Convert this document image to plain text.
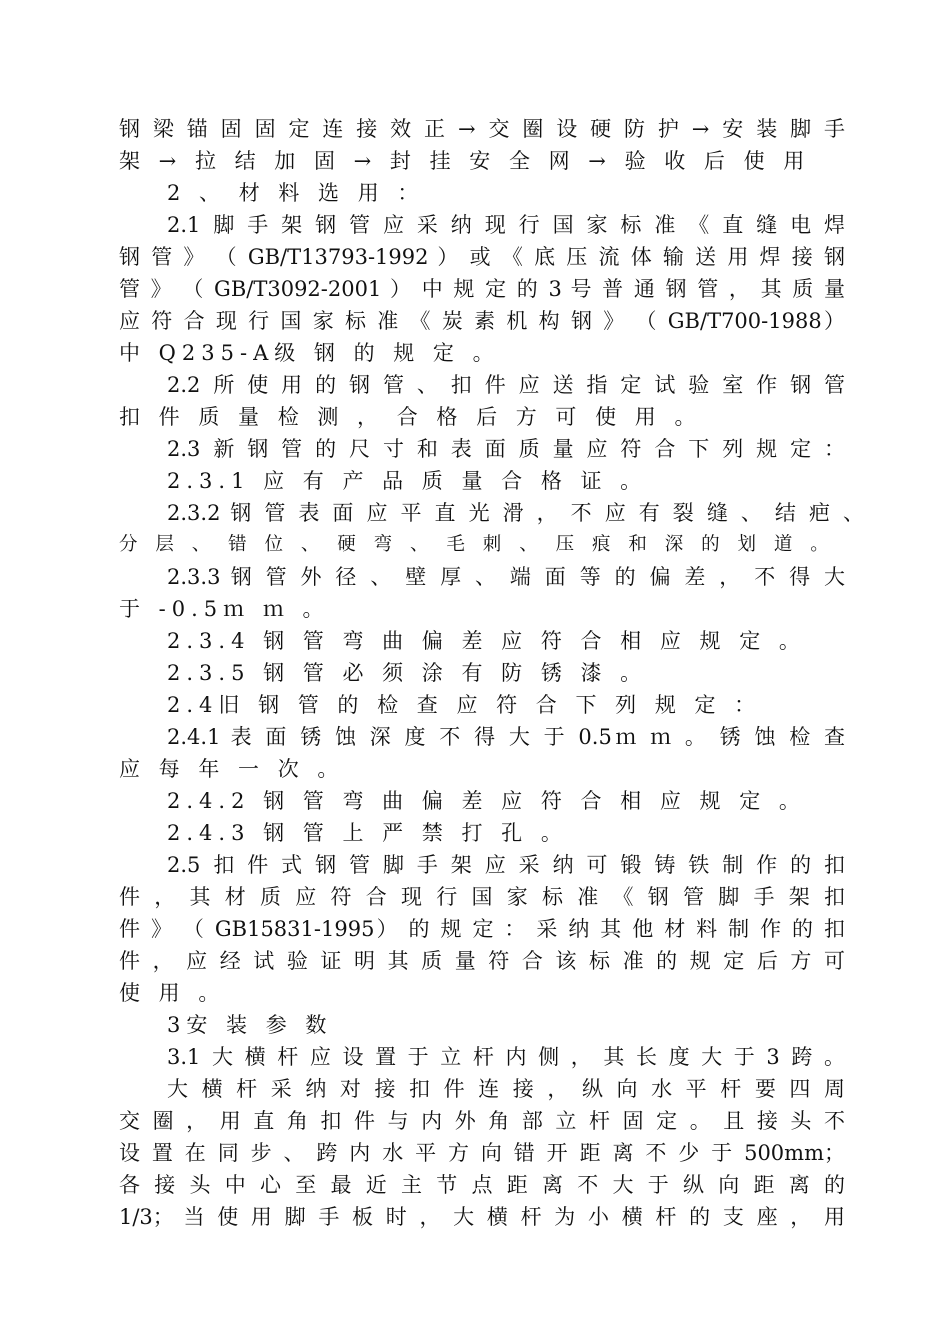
钢梁锚固固定连接效正→交圈设硬防护→安装脚手
架 → 拉 结 加 固 → 封 挂 安 全 网 → 验 收 后 使 用
2 、 材 料 选 用 ：
2.1脚手架钢管应采纳现行国家标准《直缝电焊
钢 管 》 （ GB/T13793-1992 ） 或 《 底 压 流 体 输 送 用 焊 接 钢
管 》 （ GB/T3092-2001 ） 中 规 定 的 3 号 普 通 钢 管 ， 其 质 量
应 符 合 现 行 国 家 标 准 《 炭 素 机 构 钢 》 （ GB/T700-1988）
中 Q235-A级 钢 的 规 定 。
2.2所使用的钢管、扣件应送指定试验室作钢管
扣 件 质 量 检 测 ， 合 格 后 方 可 使 用 。
2.3新钢管的尺寸和表面质量应符合下列规定：
2.3.1 应 有 产 品 质 量 合 格 证 。
2.3.2 钢 管 表 面 应 平 直 光 滑 ， 不 应 有 裂 缝 、 结 疤 、
分 层 、 错 位 、 硬 弯 、 毛 刺 、 压 痕 和 深 的 划 道 。
2.3.3 钢 管 外 径 、 壁 厚 、 端 面 等 的 偏 差 ， 不 得 大
于 -0.5ｍ ｍ 。
2.3.4 钢 管 弯 曲 偏 差 应 符 合 相 应 规 定 。
2.3.5 钢 管 必 须 涂 有 防 锈 漆 。
2.4旧 钢 管 的 检 查 应 符 合 下 列 规 定 ：
2.4.1 表 面 锈 蚀 深 度 不 得 大 于 0.5ｍ ｍ 。 锈 蚀 检 查
应 每 年 一 次 。
2.4.2 钢 管 弯 曲 偏 差 应 符 合 相 应 规 定 。
2.4.3 钢 管 上 严 禁 打 孔 。
2.5扣件式钢管脚手架应采纳可锻铸铁制作的扣
件 ， 其 材 质 应 符 合 现 行 国 家 标 准 《 钢 管 脚 手 架 扣
件 》 （ GB15831-1995） 的 规 定 ： 采 纳 其 他 材 料 制 作 的 扣
件 ， 应 经 试 验 证 明 其 质 量 符 合 该 标 准 的 规 定 后 方 可
使 用 。
3安 装 参 数
3.1大横杆应设置于立杆内侧，其长度大于3跨。
大横杆采纳对接扣件连接，纵向水平杆要四周
交 圈 ， 用 直 角 扣 件 与 内 外 角 部 立 杆 固 定 。 且 接 头 不
设 置 在 同 步 、 跨 内 水 平 方 向 错 开 距 离 不 少 于 500mm；
各 接 头 中 心 至 最 近 主 节 点 距 离 不 大 于 纵 向 距 离 的
1/3； 当 使 用 脚 手 板 时 ， 大 横 杆 为 小 横 杆 的 支 座 ， 用
